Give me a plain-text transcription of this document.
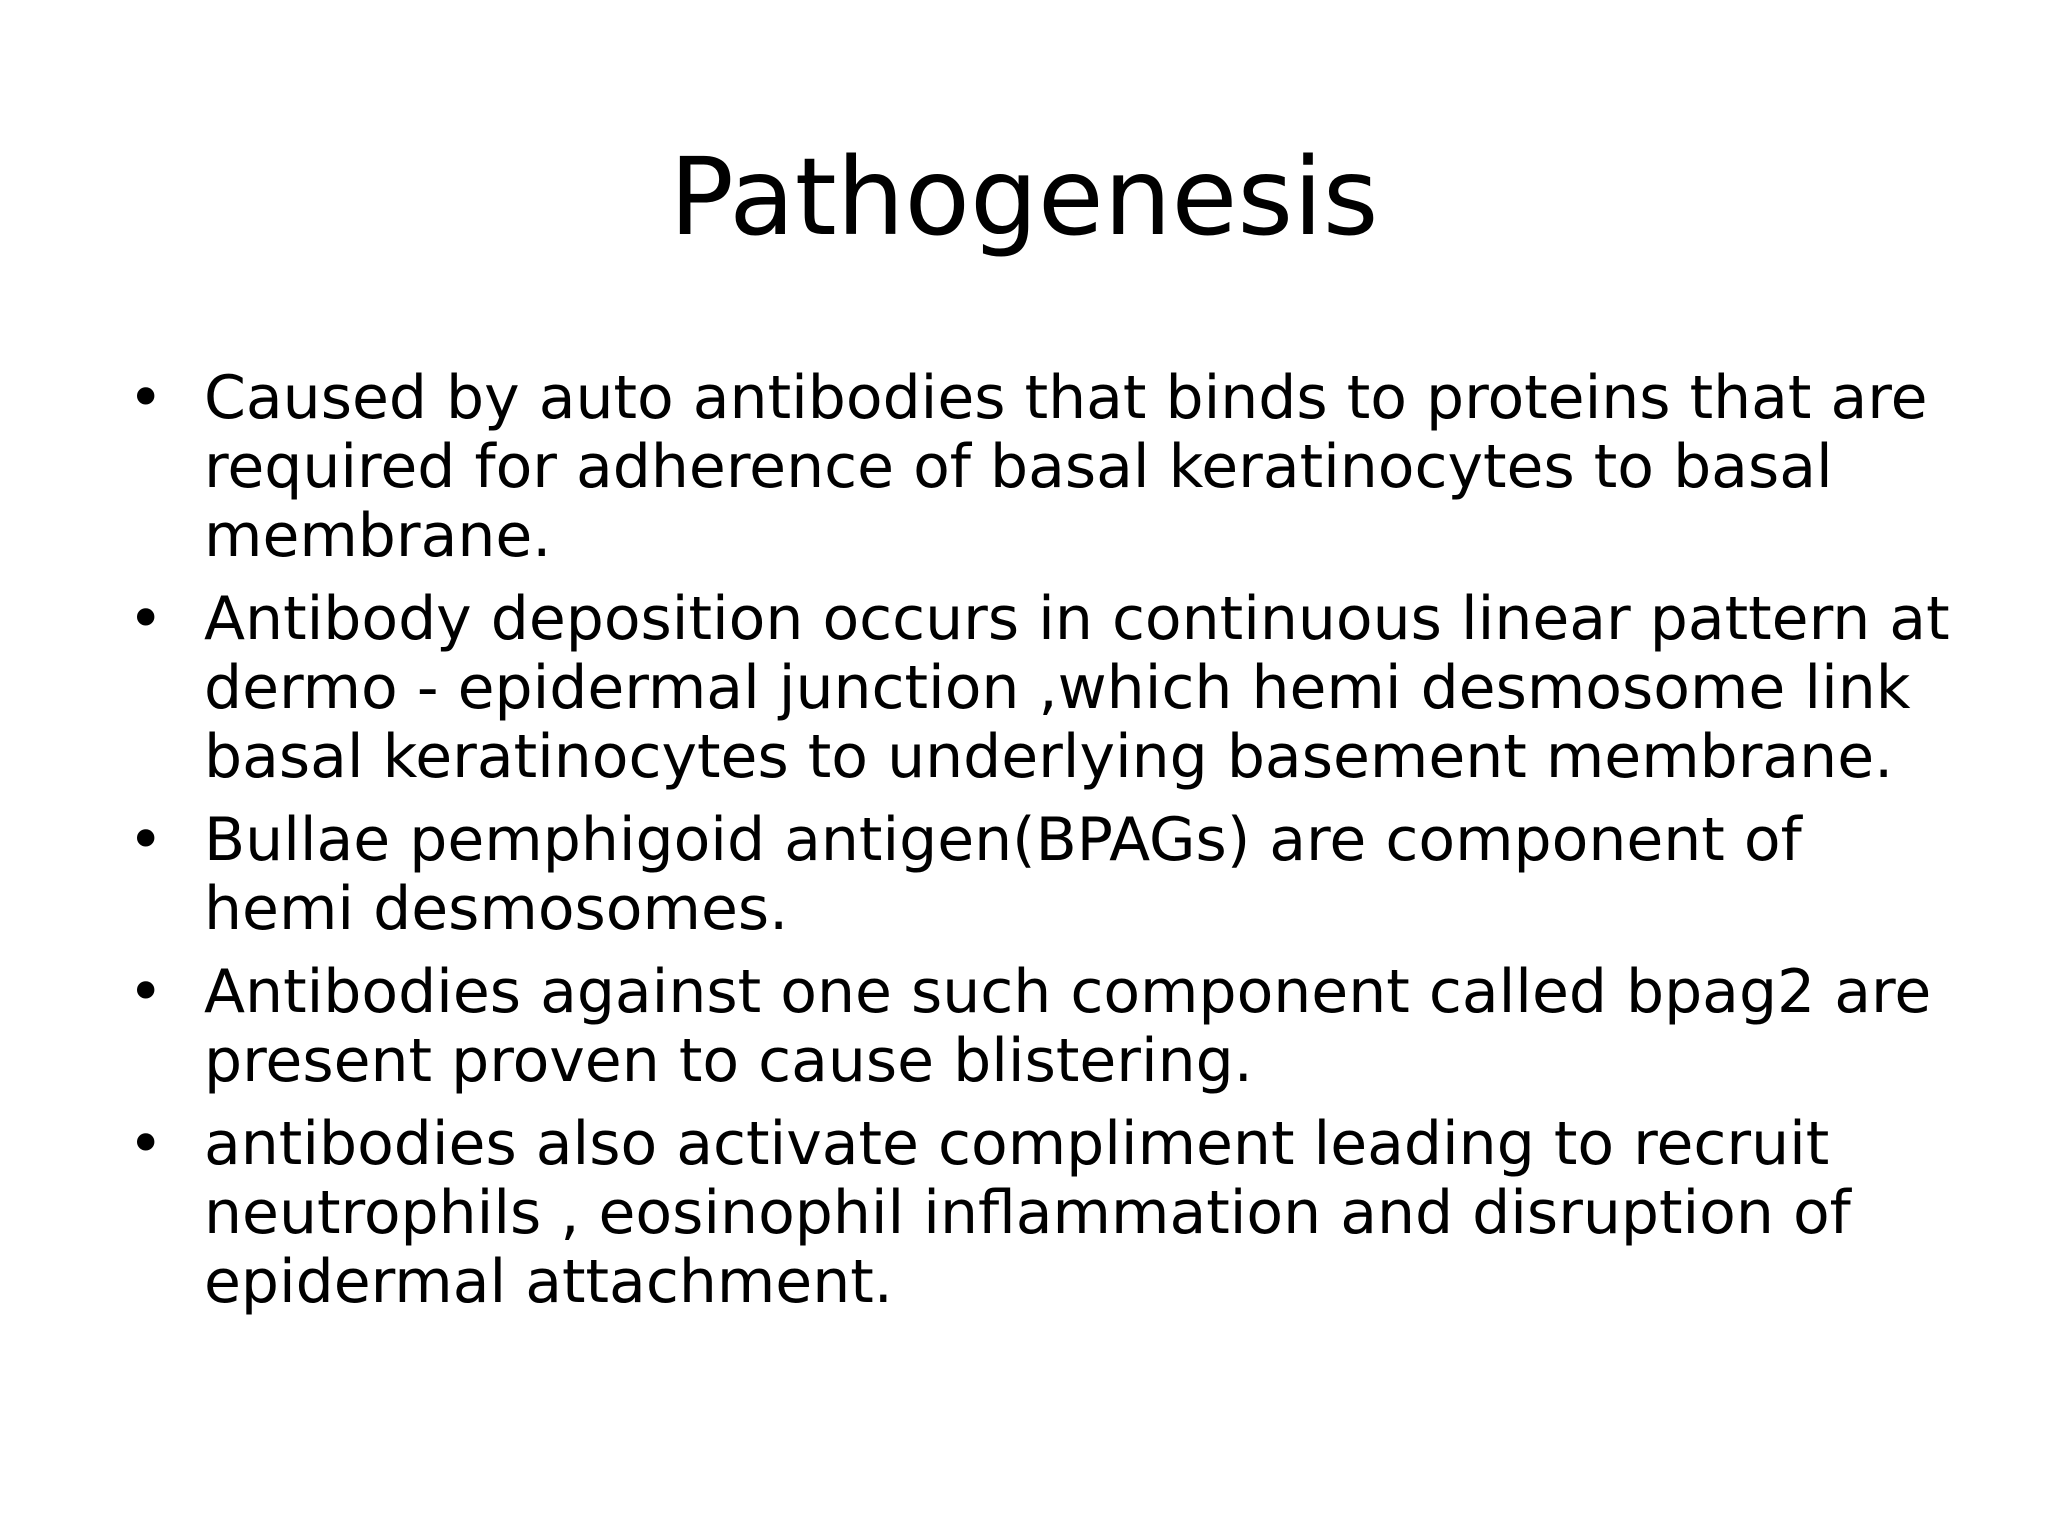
Pathogenesis
• Caused by auto antibodies that binds to proteins that are required for adherence of basal keratinocytes to basal membrane.
• Antibody deposition occurs in continuous linear pattern at dermo - epidermal junction ,which hemi desmosome link basal keratinocytes to underlying basement membrane.
• Bullae pemphigoid antigen(BPAGs) are component of hemi desmosomes.
• Antibodies against one such component called bpag2 are present proven to cause blistering.
• antibodies also activate compliment leading to recruit neutrophils , eosinophil inflammation and disruption of epidermal attachment.
